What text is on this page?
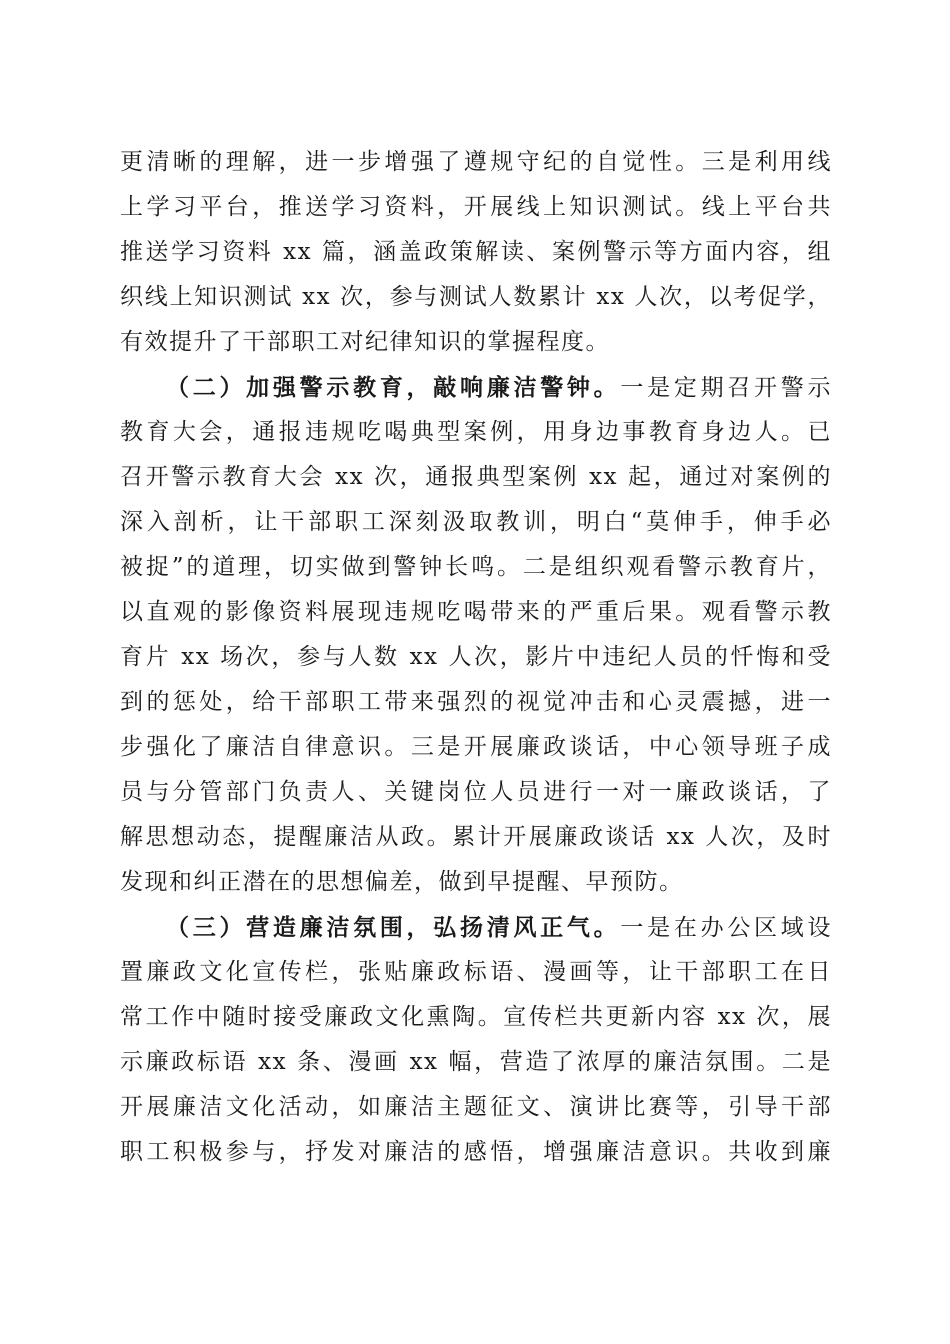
更清晰的理解，进一步增强了遵规守纪的自觉性。三是利用线
上学习平台，推送学习资料，开展线上知识测试。线上平台共
推送学习资料 xx 篇，涵盖政策解读、案例警示等方面内容，组
织线上知识测试 xx 次，参与测试人数累计 xx 人次，以考促学，
有效提升了干部职工对纪律知识的掌握程度。
（二）加强警示教育，敲响廉洁警钟。一是定期召开警示
教育大会，通报违规吃喝典型案例，用身边事教育身边人。已
召开警示教育大会 xx 次，通报典型案例 xx 起，通过对案例的
深入剖析，让干部职工深刻汲取教训，明白“莫伸手，伸手必
被捉”的道理，切实做到警钟长鸣。二是组织观看警示教育片，
以直观的影像资料展现违规吃喝带来的严重后果。观看警示教
育片 xx 场次，参与人数 xx 人次，影片中违纪人员的忏悔和受
到的惩处，给干部职工带来强烈的视觉冲击和心灵震撼，进一
步强化了廉洁自律意识。三是开展廉政谈话，中心领导班子成
员与分管部门负责人、关键岗位人员进行一对一廉政谈话，了
解思想动态，提醒廉洁从政。累计开展廉政谈话 xx 人次，及时
发现和纠正潜在的思想偏差，做到早提醒、早预防。
（三）营造廉洁氛围，弘扬清风正气。一是在办公区域设
置廉政文化宣传栏，张贴廉政标语、漫画等，让干部职工在日
常工作中随时接受廉政文化熏陶。宣传栏共更新内容 xx 次，展
示廉政标语 xx 条、漫画 xx 幅，营造了浓厚的廉洁氛围。二是
开展廉洁文化活动，如廉洁主题征文、演讲比赛等，引导干部
职工积极参与，抒发对廉洁的感悟，增强廉洁意识。共收到廉
